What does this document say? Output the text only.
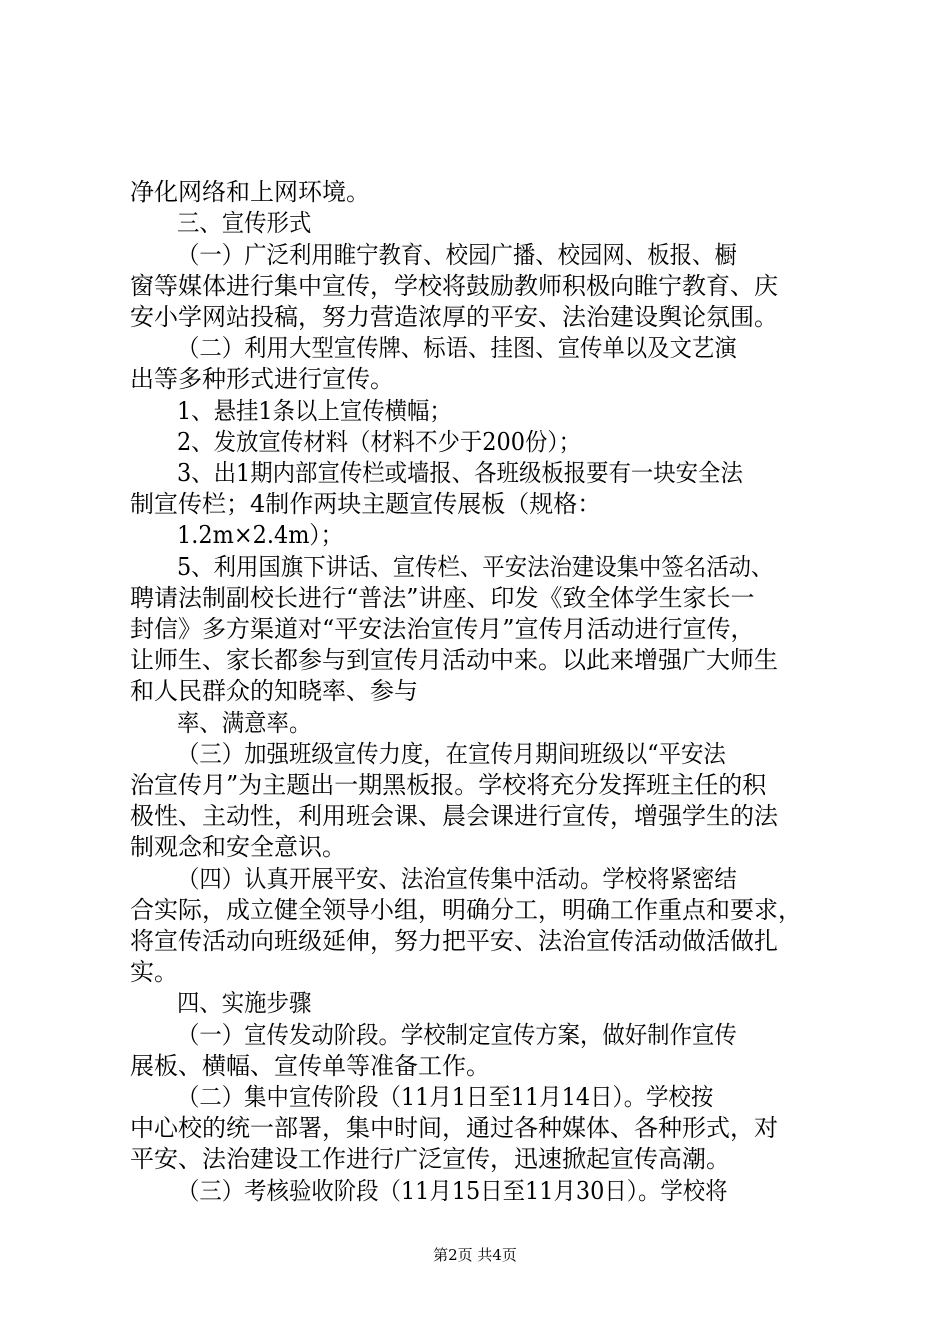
净化网络和上网环境。
三、宣传形式
（一）广泛利用睢宁教育、校园广播、校园网、板报、橱
窗等媒体进行集中宣传，学校将鼓励教师积极向睢宁教育、庆
安小学网站投稿，努力营造浓厚的平安、法治建设舆论氛围。
（二）利用大型宣传牌、标语、挂图、宣传单以及文艺演
出等多种形式进行宣传。
1、悬挂1条以上宣传横幅；
2、发放宣传材料（材料不少于200份）；
3、出1期内部宣传栏或墙报、各班级板报要有一块安全法
制宣传栏；4制作两块主题宣传展板（规格：
1.2m×2.4m）；
5、利用国旗下讲话、宣传栏、平安法治建设集中签名活动、
聘请法制副校长进行“普法”讲座、印发《致全体学生家长一
封信》多方渠道对“平安法治宣传月”宣传月活动进行宣传，
让师生、家长都参与到宣传月活动中来。以此来增强广大师生
和人民群众的知晓率、参与
率、满意率。
（三）加强班级宣传力度，在宣传月期间班级以“平安法
治宣传月”为主题出一期黑板报。学校将充分发挥班主任的积
极性、主动性，利用班会课、晨会课进行宣传，增强学生的法
制观念和安全意识。
（四）认真开展平安、法治宣传集中活动。学校将紧密结
合实际，成立健全领导小组，明确分工，明确工作重点和要求，
将宣传活动向班级延伸，努力把平安、法治宣传活动做活做扎
实。
四、实施步骤
（一）宣传发动阶段。学校制定宣传方案，做好制作宣传
展板、横幅、宣传单等准备工作。
（二）集中宣传阶段（11月1日至11月14日）。学校按
中心校的统一部署，集中时间，通过各种媒体、各种形式，对
平安、法治建设工作进行广泛宣传，迅速掀起宣传高潮。
（三）考核验收阶段（11月15日至11月30日）。学校将
第2页 共4页
